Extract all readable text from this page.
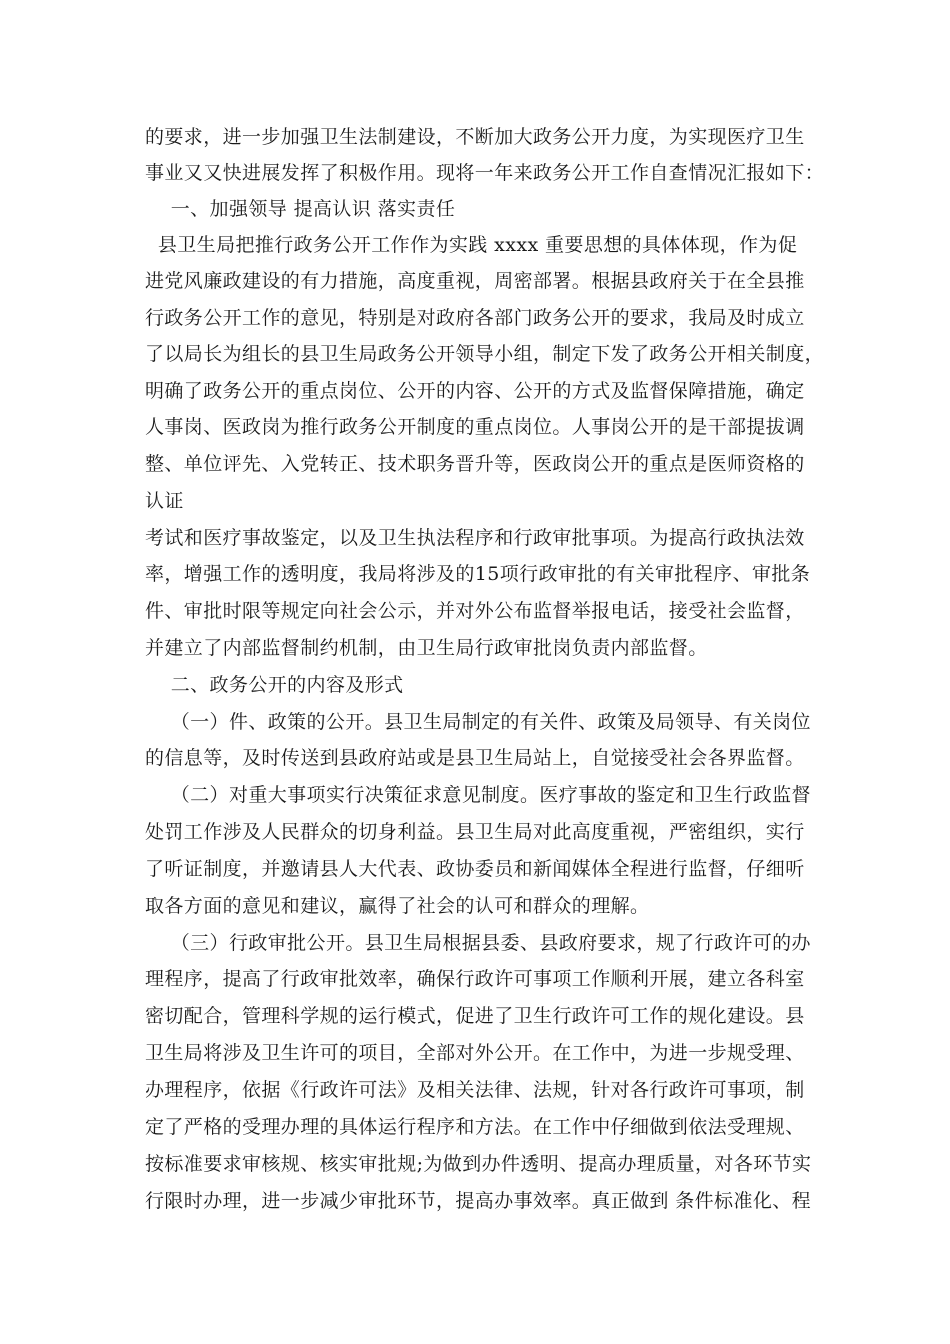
的要求，进一步加强卫生法制建设，不断加大政务公开力度，为实现医疗卫生
事业又又快进展发挥了积极作用。现将一年来政务公开工作自查情况汇报如下：
一、加强领导 提高认识 落实责任
县卫生局把推行政务公开工作作为实践 xxxx 重要思想的具体体现，作为促
进党风廉政建设的有力措施，高度重视，周密部署。根据县政府关于在全县推
行政务公开工作的意见，特别是对政府各部门政务公开的要求，我局及时成立
了以局长为组长的县卫生局政务公开领导小组，制定下发了政务公开相关制度，
明确了政务公开的重点岗位、公开的内容、公开的方式及监督保障措施，确定
人事岗、医政岗为推行政务公开制度的重点岗位。人事岗公开的是干部提拔调
整、单位评先、入党转正、技术职务晋升等，医政岗公开的重点是医师资格的
认证
考试和医疗事故鉴定，以及卫生执法程序和行政审批事项。为提高行政执法效
率，增强工作的透明度，我局将涉及的15项行政审批的有关审批程序、审批条
件、审批时限等规定向社会公示，并对外公布监督举报电话，接受社会监督，
并建立了内部监督制约机制，由卫生局行政审批岗负责内部监督。
二、政务公开的内容及形式
（一）件、政策的公开。县卫生局制定的有关件、政策及局领导、有关岗位
的信息等，及时传送到县政府站或是县卫生局站上，自觉接受社会各界监督。
（二）对重大事项实行决策征求意见制度。医疗事故的鉴定和卫生行政监督
处罚工作涉及人民群众的切身利益。县卫生局对此高度重视，严密组织，实行
了听证制度，并邀请县人大代表、政协委员和新闻媒体全程进行监督，仔细听
取各方面的意见和建议，赢得了社会的认可和群众的理解。
（三）行政审批公开。县卫生局根据县委、县政府要求，规了行政许可的办
理程序，提高了行政审批效率，确保行政许可事项工作顺利开展，建立各科室
密切配合，管理科学规的运行模式，促进了卫生行政许可工作的规化建设。县
卫生局将涉及卫生许可的项目，全部对外公开。在工作中，为进一步规受理、
办理程序，依据《行政许可法》及相关法律、法规，针对各行政许可事项，制
定了严格的受理办理的具体运行程序和方法。在工作中仔细做到依法受理规、
按标准要求审核规、核实审批规;为做到办件透明、提高办理质量，对各环节实
行限时办理，进一步减少审批环节，提高办事效率。真正做到 条件标准化、程
